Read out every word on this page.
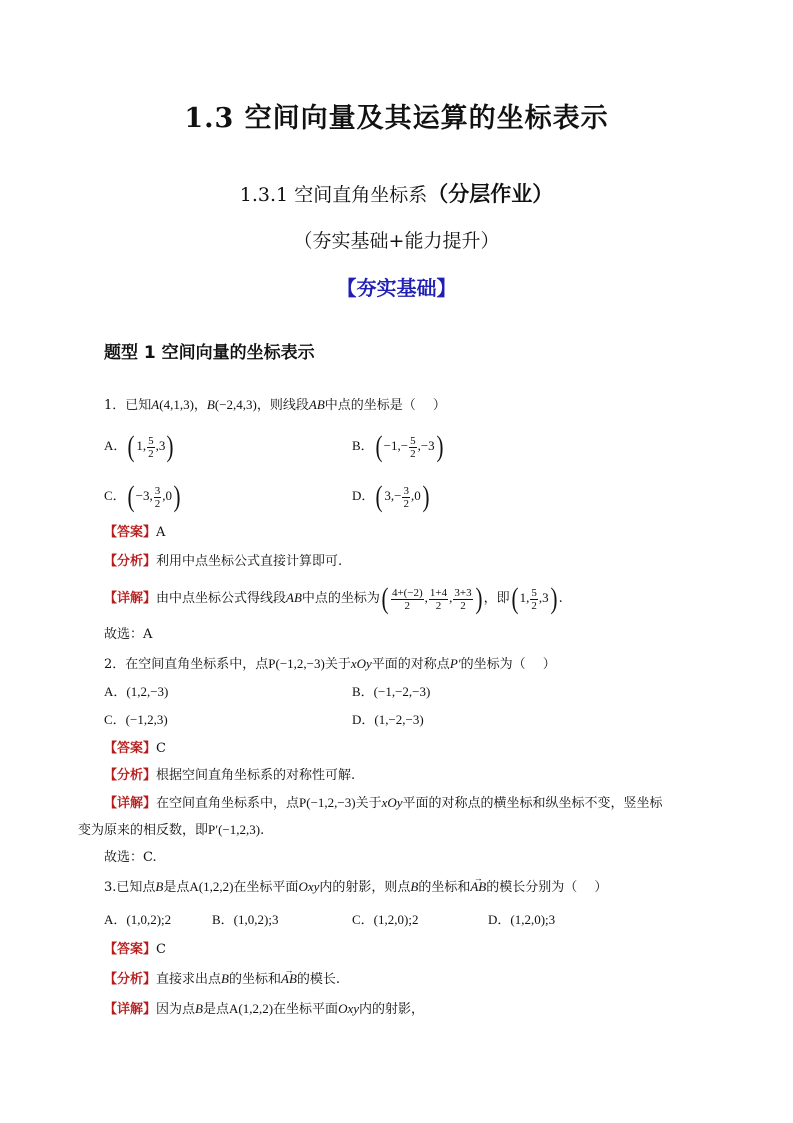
1.3 空间向量及其运算的坐标表示
1.3.1 空间直角坐标系（分层作业）
（夯实基础+能力提升）
【夯实基础】
题型 1 空间向量的坐标表示
1．已知A(4,1,3)，B(−2,4,3)，则线段AB中点的坐标是（　 ）
A．( 1, $\frac{5}{2} ,3$)	B．( $-1,- \frac{5}{2} ,-3$)
C．( −3, $\frac{3}{2} ,0$)	D．( $3,- \frac{3}{2} ,0$)
【答案】A
【分析】利用中点坐标公式直接计算即可.
【详解】由中点坐标公式得线段AB中点的坐标为( $\frac{4+(-2)}{2}$ , $\frac{1+4}{2}$ , $\frac{3+3}{2}$ ) ，即( 1, $\frac{5}{2} ,3$) .
故选：A
2．在空间直角坐标系中，点P(−1,2,−3)关于xOy平面的对称点P′的坐标为（　 ）
A．(1,2,−3)	B．(−1,−2,−3)
C．(−1,2,3)	D．(1,−2,−3)
【答案】C
【分析】根据空间直角坐标系的对称性可解.
【详解】在空间直角坐标系中，点P(−1,2,−3)关于xOy平面的对称点的横坐标和纵坐标不变，竖坐标
变为原来的相反数，即P′(−1,2,3).
故选：C.
3.已知点B是点A(1,2,2)在坐标平面Oxy内的射影，则点B的坐标和→ AB的模长分别为（　 ）
A．(1,0,2);2	B．(1,0,2);3	C．(1,2,0);2	D．(1,2,0);3
【答案】C
【分析】直接求出点B的坐标和→ AB的模长.
【详解】因为点B是点A(1,2,2)在坐标平面Oxy内的射影，
